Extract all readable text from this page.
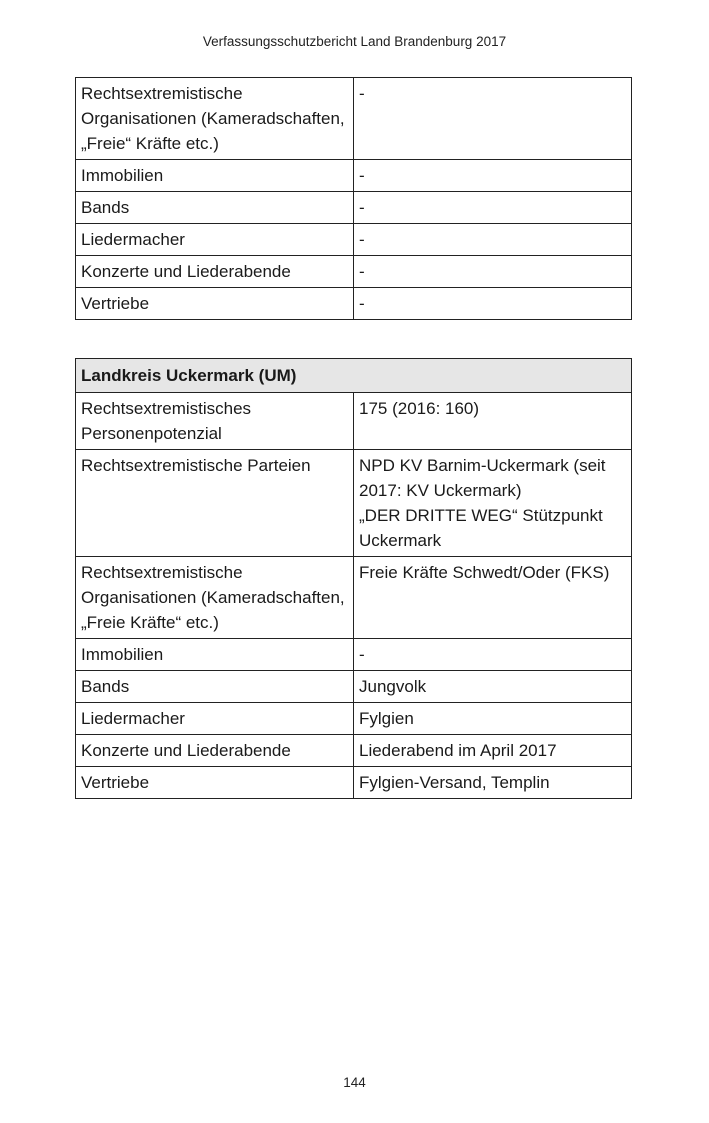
Verfassungsschutzbericht Land Brandenburg 2017
Rechtsextremistische
Organisationen (Kameradschaften,
„Freie“ Kräfte etc.)	-

Immobilien	-

Bands	-

Liedermacher	-

Konzerte und Liederabende	-

Vertriebe	-
Landkreis Uckermark (UM)	

Rechtsextremistisches
Personenpotenzial	175 (2016: 160)

Rechtsextremistische Parteien	NPD KV Barnim-Uckermark (seit
2017: KV Uckermark)
„DER DRITTE WEG“ Stützpunkt
Uckermark

Rechtsextremistische
Organisationen (Kameradschaften,
„Freie Kräfte“ etc.)	Freie Kräfte Schwedt/Oder (FKS)

Immobilien	-

Bands	Jungvolk

Liedermacher	Fylgien

Konzerte und Liederabende	Liederabend im April 2017

Vertriebe	Fylgien-Versand, Templin
144
